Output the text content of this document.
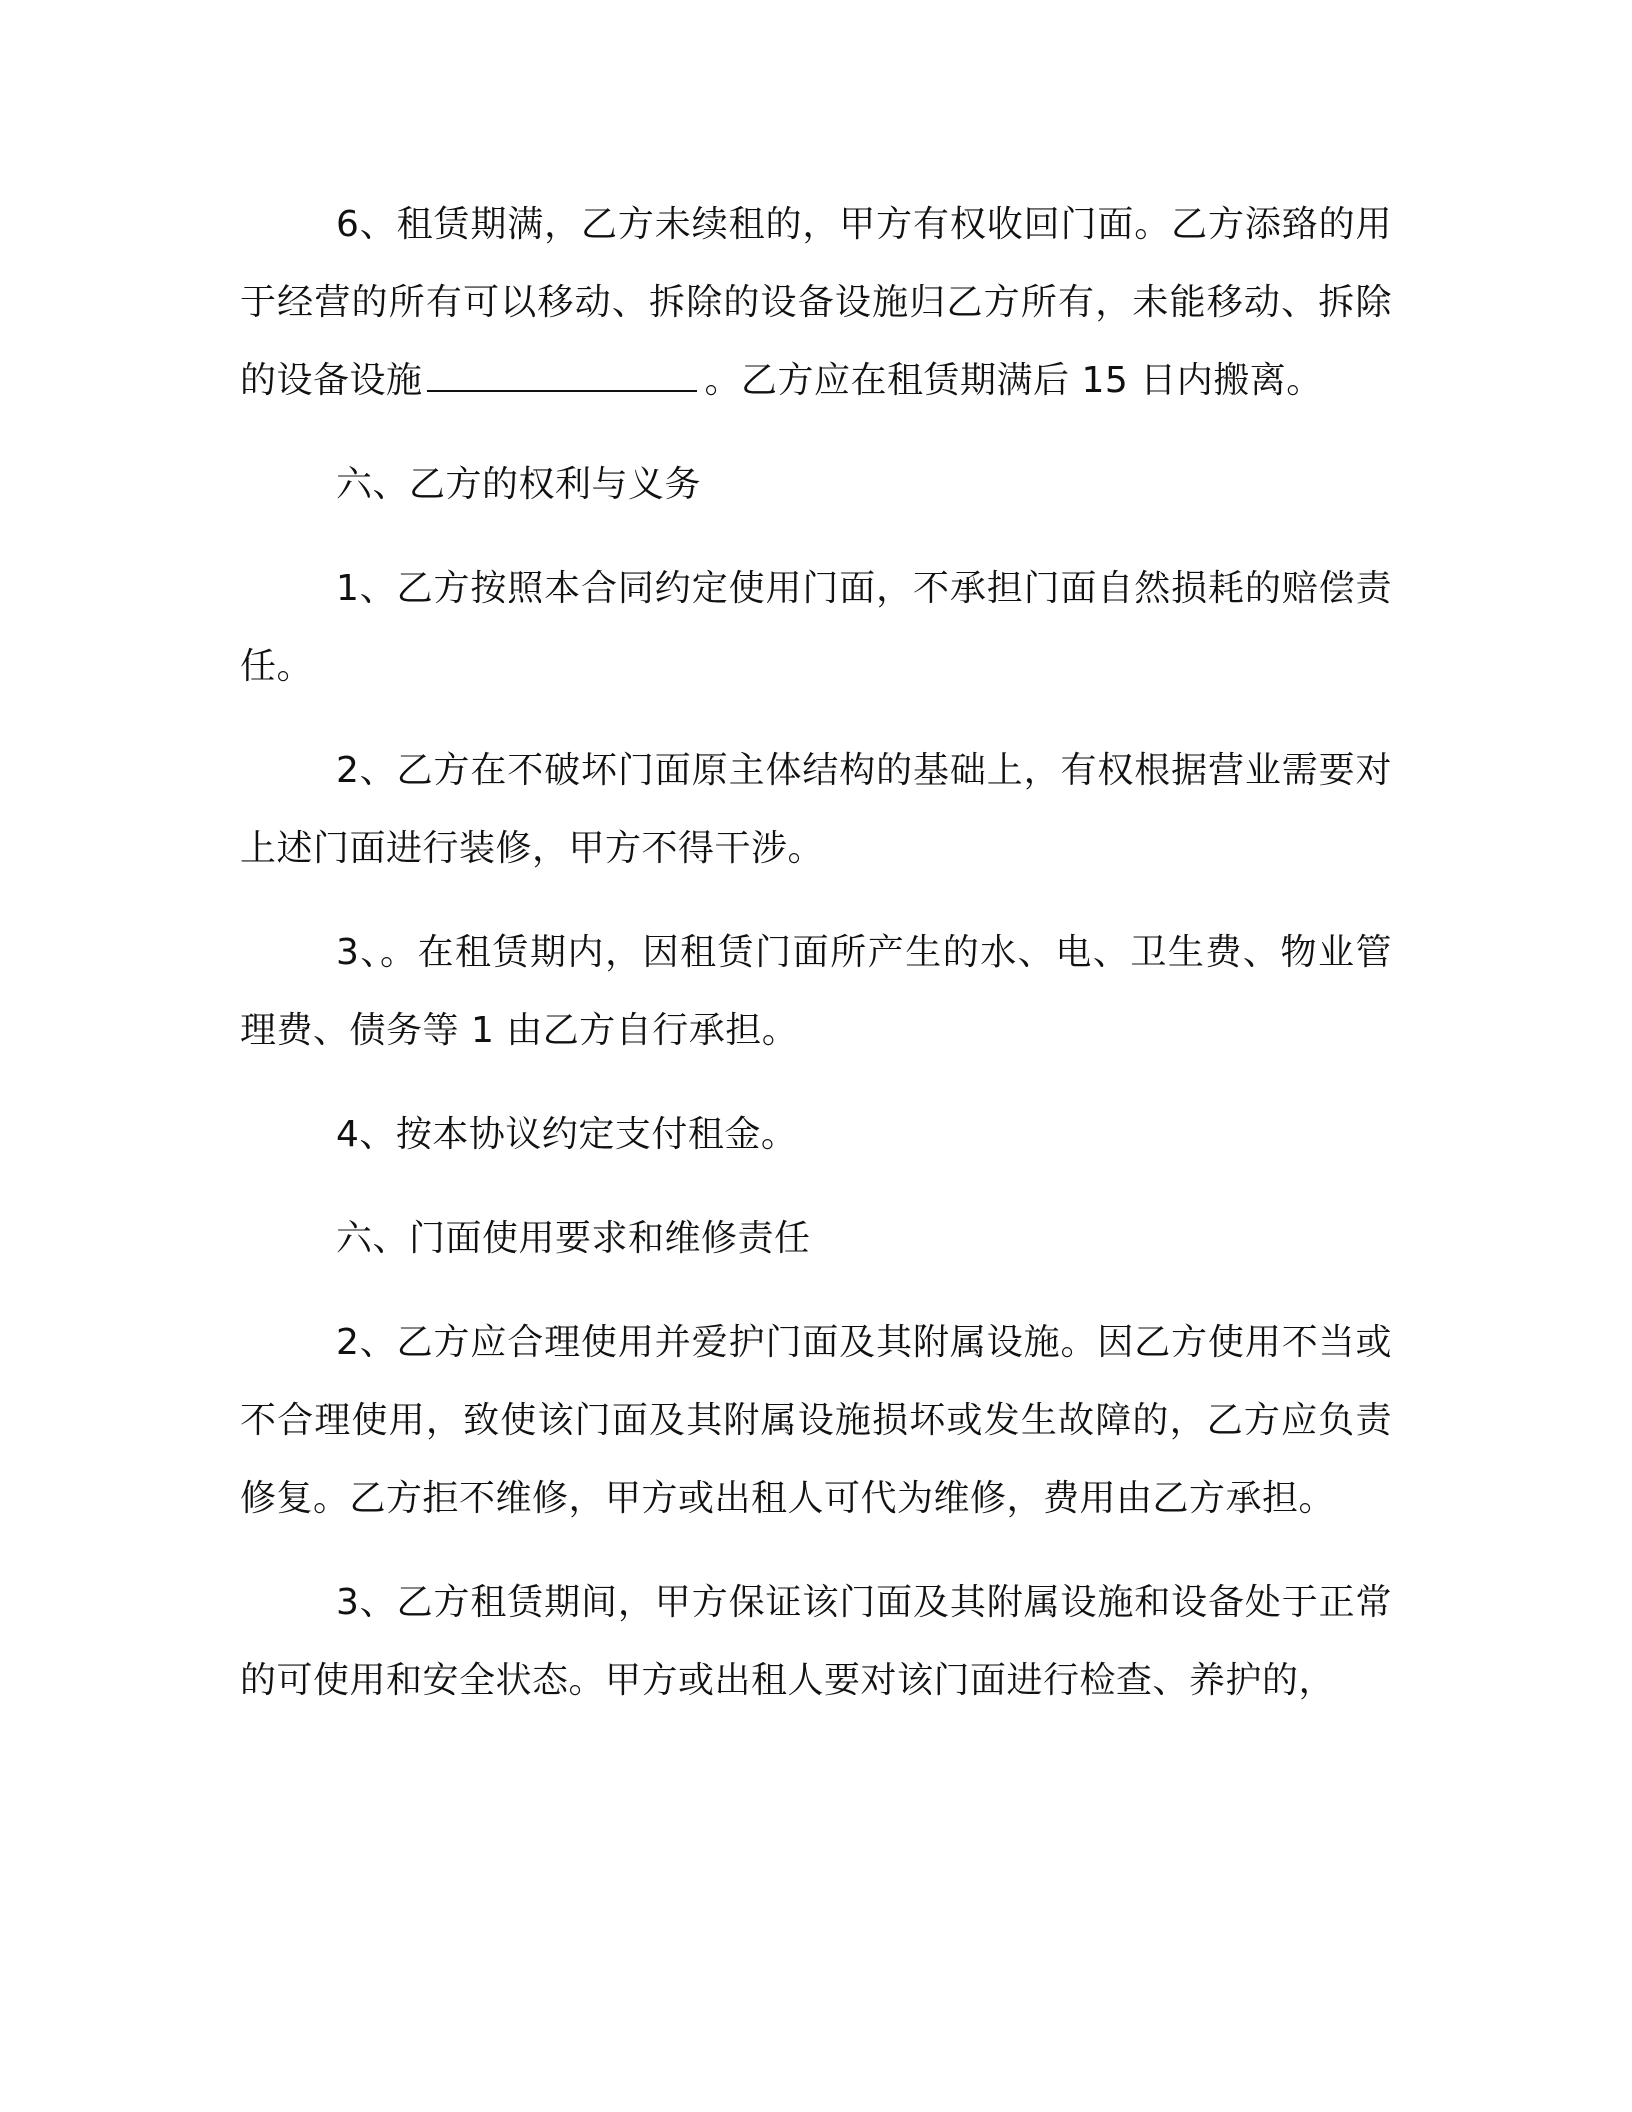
6、租赁期满，乙方未续租的，甲方有权收回门面。乙方添臵的用于经营的所有可以移动、拆除的设备设施归乙方所有，未能移动、拆除的设备设施	。乙方应在租赁期满后 15 日内搬离。

六、乙方的权利与义务

1、乙方按照本合同约定使用门面，不承担门面自然损耗的赔偿责任。

2、乙方在不破坏门面原主体结构的基础上，有权根据营业需要对上述门面进行装修，甲方不得干涉。

3、。在租赁期内，因租赁门面所产生的水、电、卫生费、物业管理费、债务等 1 由乙方自行承担。

4、按本协议约定支付租金。

六、门面使用要求和维修责任

2、乙方应合理使用并爱护门面及其附属设施。因乙方使用不当或不合理使用，致使该门面及其附属设施损坏或发生故障的，乙方应负责修复。乙方拒不维修，甲方或出租人可代为维修，费用由乙方承担。

3、乙方租赁期间，甲方保证该门面及其附属设施和设备处于正常的可使用和安全状态。甲方或出租人要对该门面进行检查、养护的，
